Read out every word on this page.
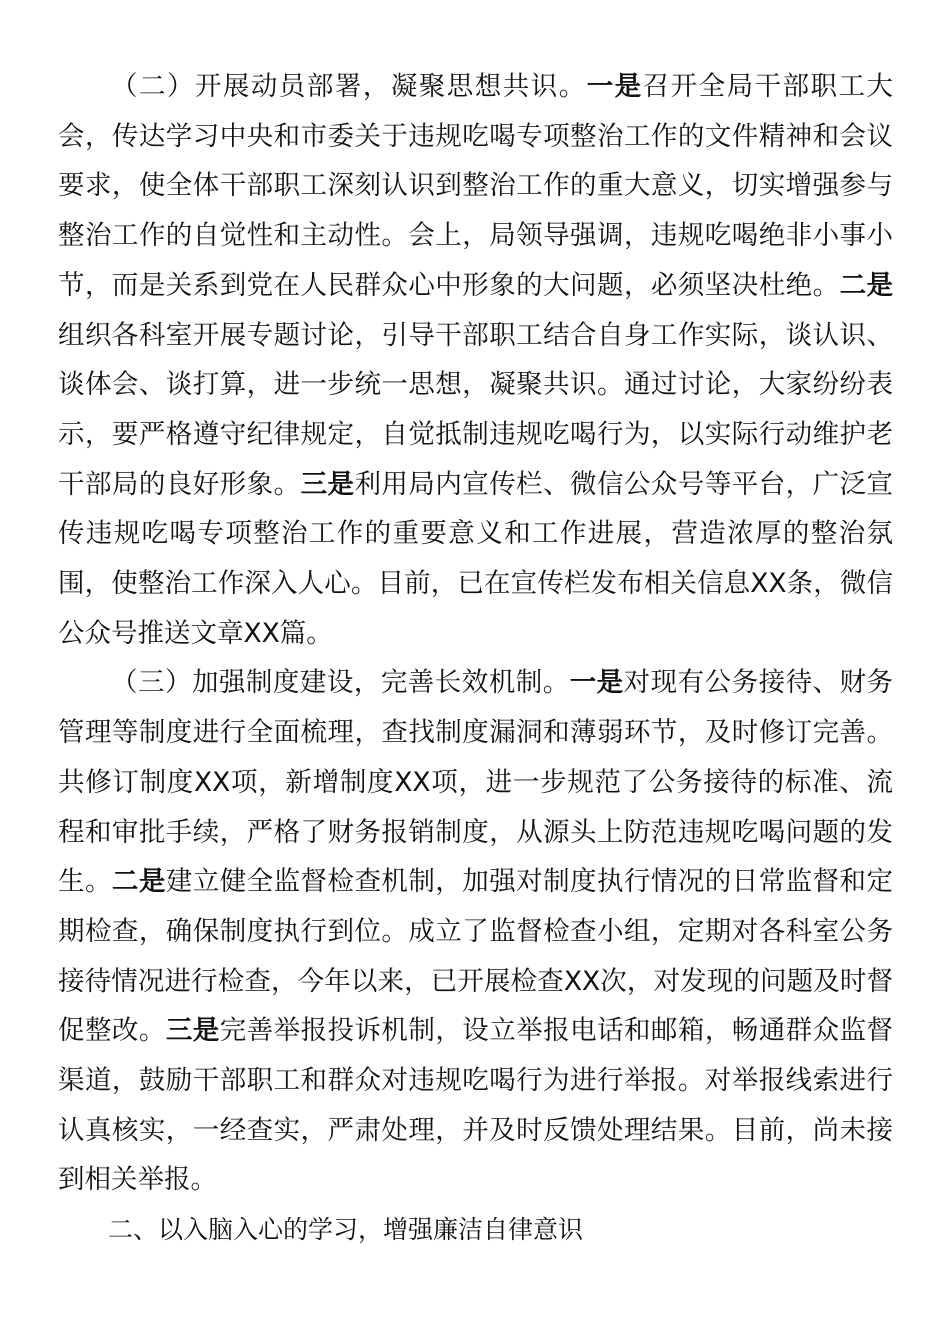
（二）开展动员部署，凝聚思想共识。一是召开全局干部职工大会，传达学习中央和市委关于违规吃喝专项整治工作的文件精神和会议要求，使全体干部职工深刻认识到整治工作的重大意义，切实增强参与整治工作的自觉性和主动性。会上，局领导强调，违规吃喝绝非小事小节，而是关系到党在人民群众心中形象的大问题，必须坚决杜绝。二是组织各科室开展专题讨论，引导干部职工结合自身工作实际，谈认识、谈体会、谈打算，进一步统一思想，凝聚共识。通过讨论，大家纷纷表示，要严格遵守纪律规定，自觉抵制违规吃喝行为，以实际行动维护老干部局的良好形象。三是利用局内宣传栏、微信公众号等平台，广泛宣传违规吃喝专项整治工作的重要意义和工作进展，营造浓厚的整治氛围，使整治工作深入人心。目前，已在宣传栏发布相关信息XX条，微信公众号推送文章XX篇。

（三）加强制度建设，完善长效机制。一是对现有公务接待、财务管理等制度进行全面梳理，查找制度漏洞和薄弱环节，及时修订完善。共修订制度XX项，新增制度XX项，进一步规范了公务接待的标准、流程和审批手续，严格了财务报销制度，从源头上防范违规吃喝问题的发生。二是建立健全监督检查机制，加强对制度执行情况的日常监督和定期检查，确保制度执行到位。成立了监督检查小组，定期对各科室公务接待情况进行检查，今年以来，已开展检查XX次，对发现的问题及时督促整改。三是完善举报投诉机制，设立举报电话和邮箱，畅通群众监督渠道，鼓励干部职工和群众对违规吃喝行为进行举报。对举报线索进行认真核实，一经查实，严肃处理，并及时反馈处理结果。目前，尚未接到相关举报。

二、以入脑入心的学习，增强廉洁自律意识
